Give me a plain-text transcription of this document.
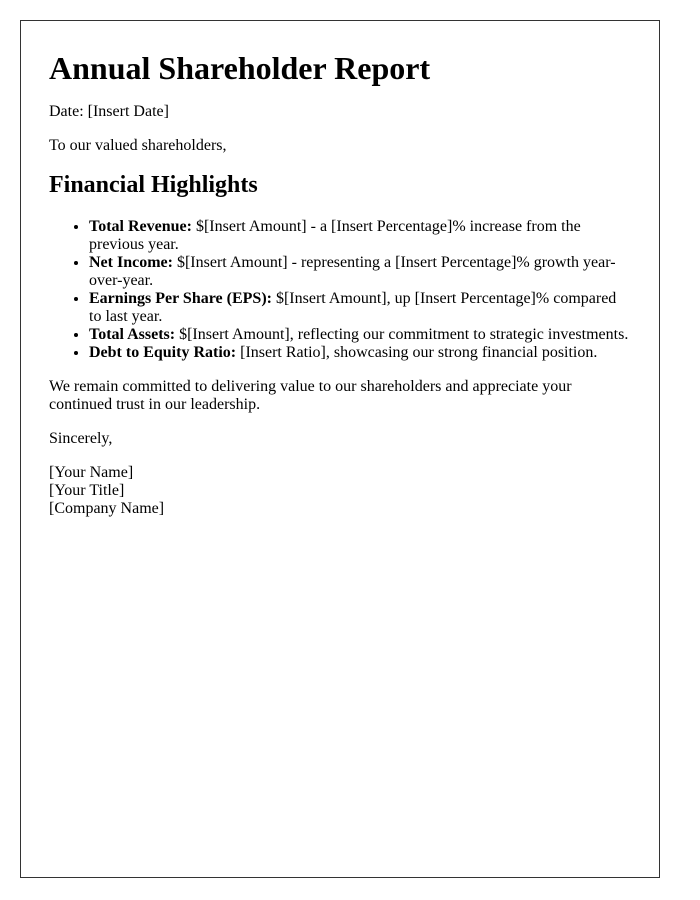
Annual Shareholder Report

Date: [Insert Date]

To our valued shareholders,

Financial Highlights
• Total Revenue: $[Insert Amount] - a [Insert Percentage]% increase from the previous year.
• Net Income: $[Insert Amount] - representing a [Insert Percentage]% growth year-over-year.
• Earnings Per Share (EPS): $[Insert Amount], up [Insert Percentage]% compared to last year.
• Total Assets: $[Insert Amount], reflecting our commitment to strategic investments.
• Debt to Equity Ratio: [Insert Ratio], showcasing our strong financial position.

We remain committed to delivering value to our shareholders and appreciate your continued trust in our leadership.

Sincerely,

[Your Name]
[Your Title]
[Company Name]
